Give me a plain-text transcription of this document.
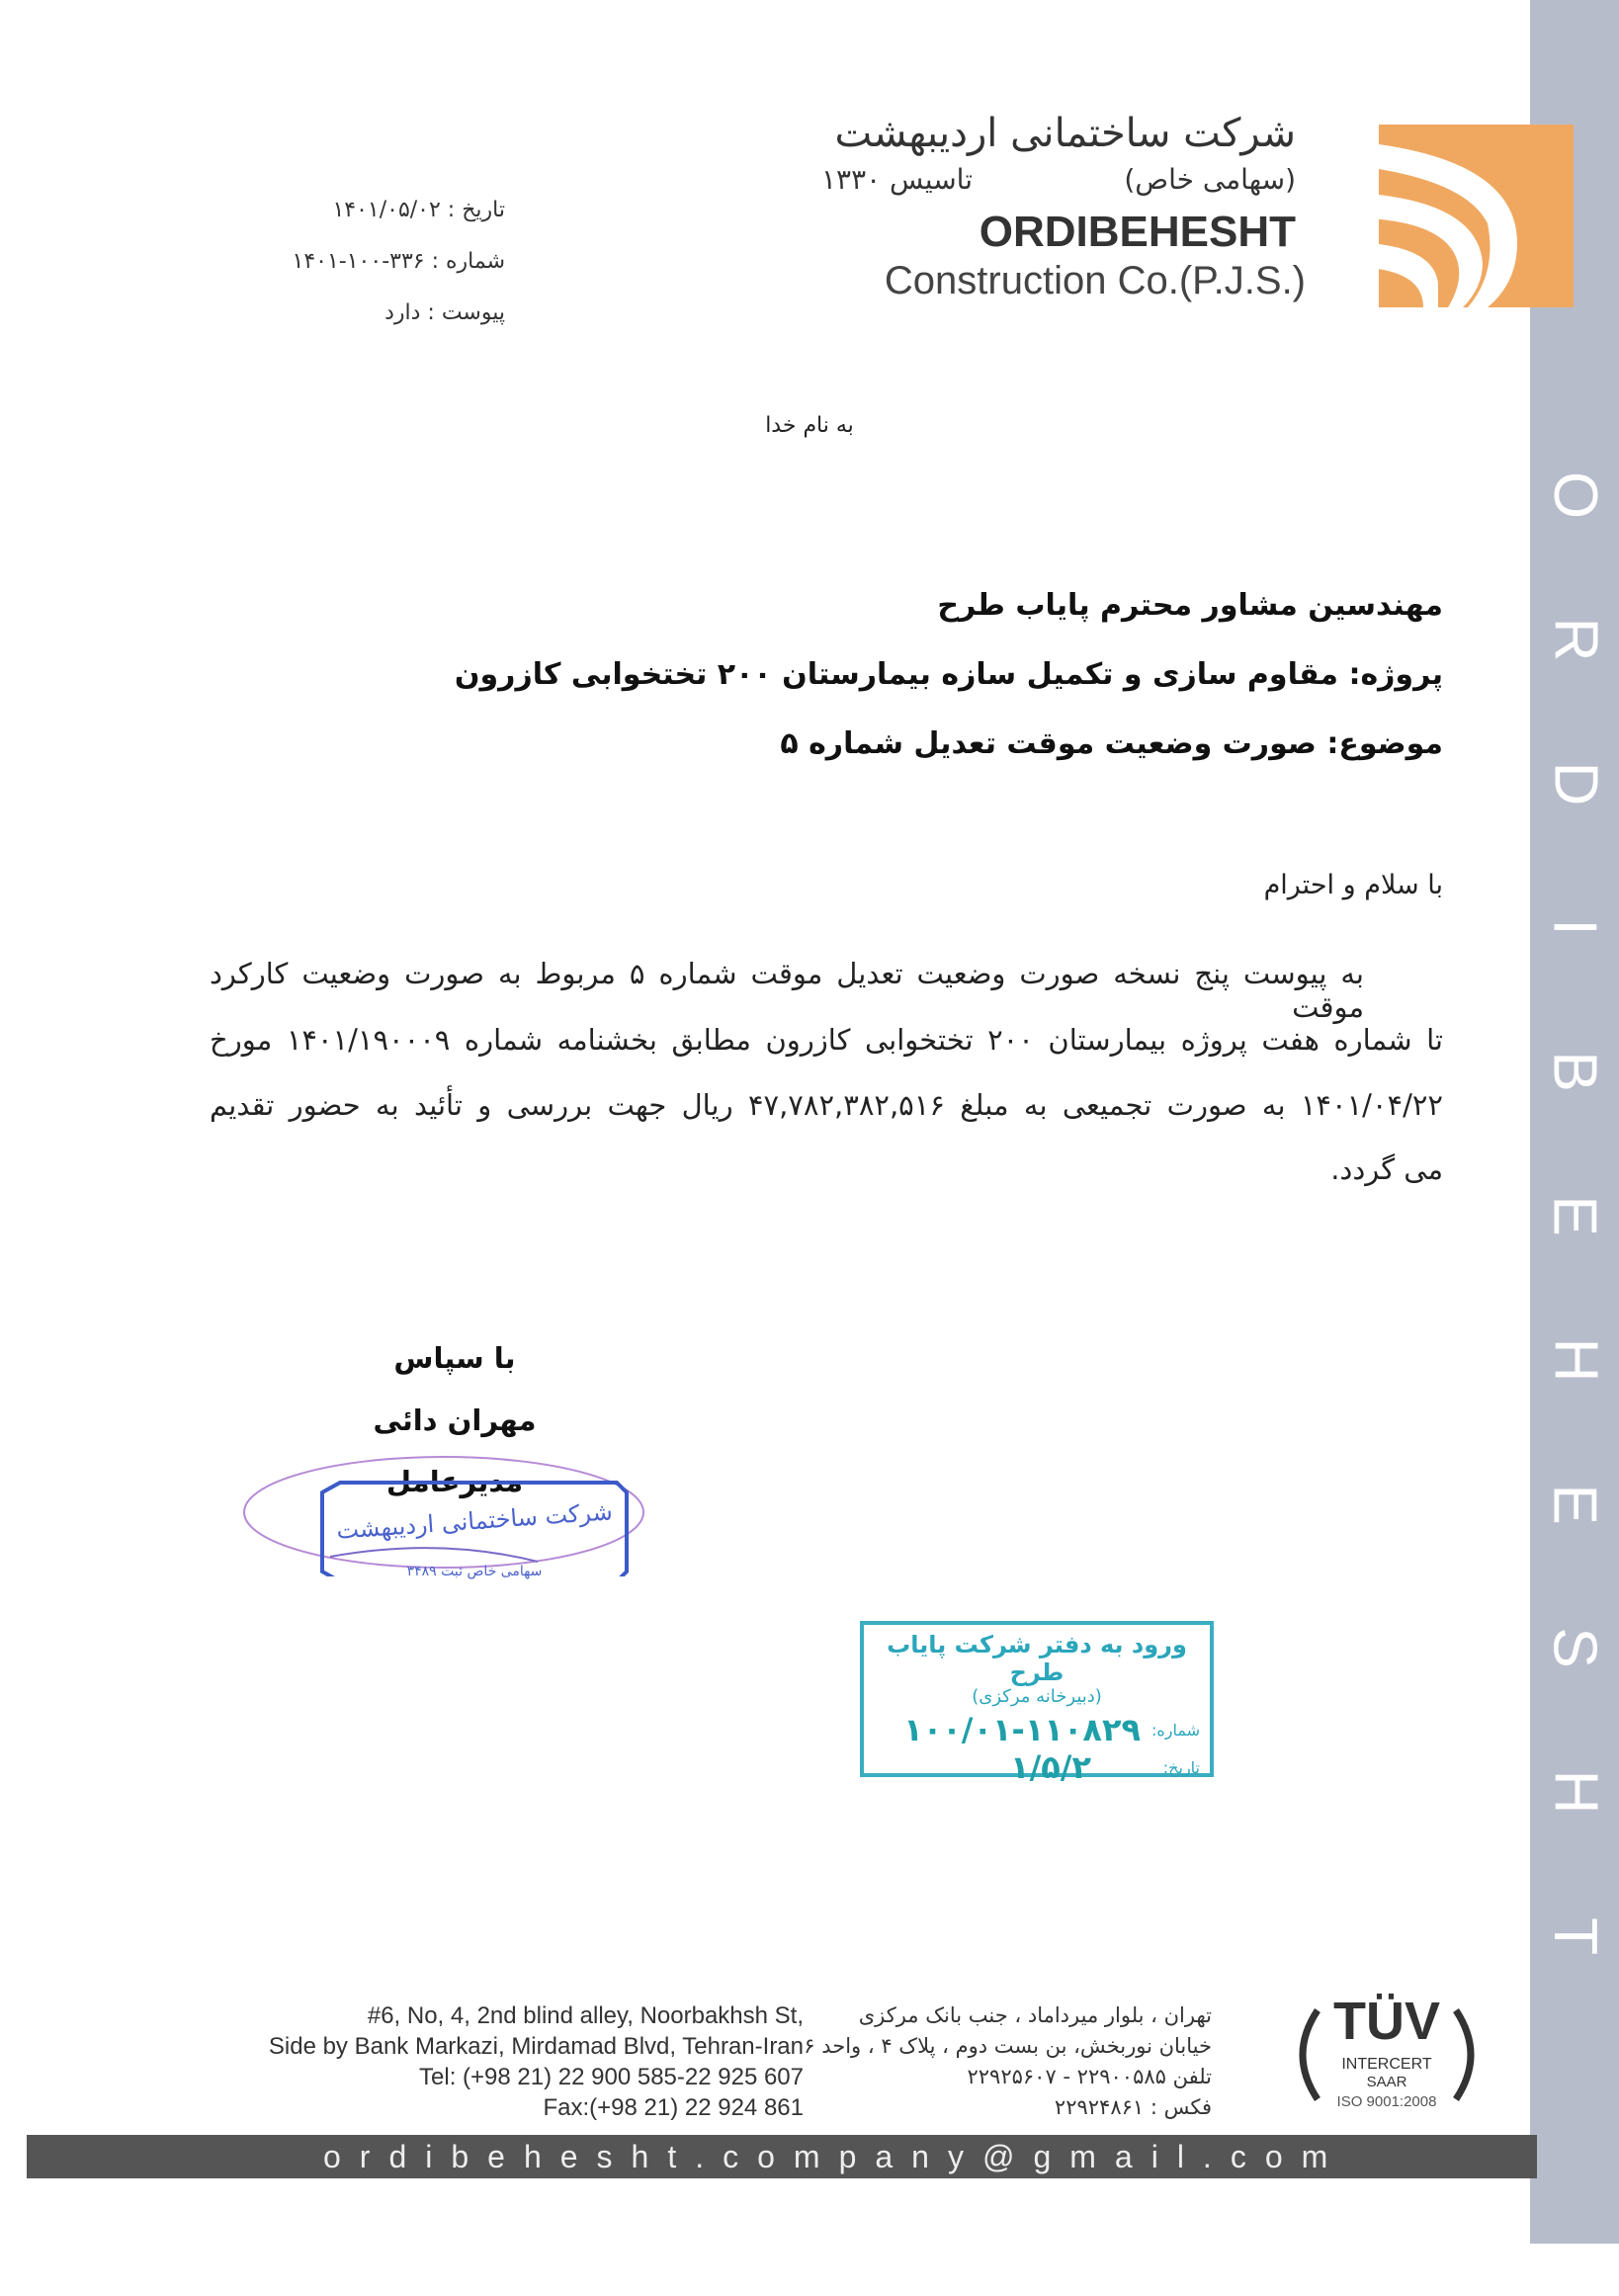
O
R
D
I
B
E
H
E
S
H
T
شرکت ساختمانی اردیبهشت
(سهامی خاص)
تاسیس ۱۳۳۰
ORDIBEHESHT
Construction Co.(P.J.S.)
تاریخ : ۱۴۰۱/۰۵/۰۲
شماره : ۳۳۶-۱۰۰-۱۴۰۱
پیوست : دارد
به نام خدا
مهندسین مشاور محترم پایاب طرح
پروژه: مقاوم سازی و تکمیل سازه بیمارستان ۲۰۰ تختخوابی کازرون
موضوع: صورت وضعیت موقت تعدیل شماره ۵
با سلام و احترام
به پیوست پنج نسخه صورت وضعیت تعدیل موقت شماره ۵ مربوط به صورت وضعیت کارکرد موقت
تا شماره هفت پروژه بیمارستان ۲۰۰ تختخوابی کازرون مطابق بخشنامه شماره ۱۴۰۱/۱۹۰۰۰۹ مورخ
۱۴۰۱/۰۴/۲۲ به صورت تجمیعی به مبلغ ۴۷,۷۸۲,۳۸۲,۵۱۶ ریال جهت بررسی و تأئید به حضور تقدیم
می گردد.
با سپاس
مهران دائی
مدیرعامل
شرکت ساختمانی اردیبهشت
سهامی خاص ثبت ۳۴۸۹
ورود به دفتر شرکت پایاب طرح
(دبیرخانه مرکزی)
شماره:
۱۰۰/۰۱-۱۱۰۸۲۹
تاریخ:
۱/۵/۲
#6, No, 4, 2nd blind alley, Noorbakhsh St,
Side by Bank Markazi, Mirdamad Blvd, Tehran-Iran
Tel: (+98 21) 22 900 585-22 925 607
Fax:(+98 21) 22 924 861
تهران ، بلوار میرداماد ، جنب بانک مرکزی
خیابان نوربخش، بن بست دوم ، پلاک ۴ ، واحد ۶
تلفن ۲۲۹۰۰۵۸۵ - ۲۲۹۲۵۶۰۷
فکس : ۲۲۹۲۴۸۶۱
TÜV
INTERCERT
SAAR
ISO 9001:2008
ordibehesht.company@gmail.com
